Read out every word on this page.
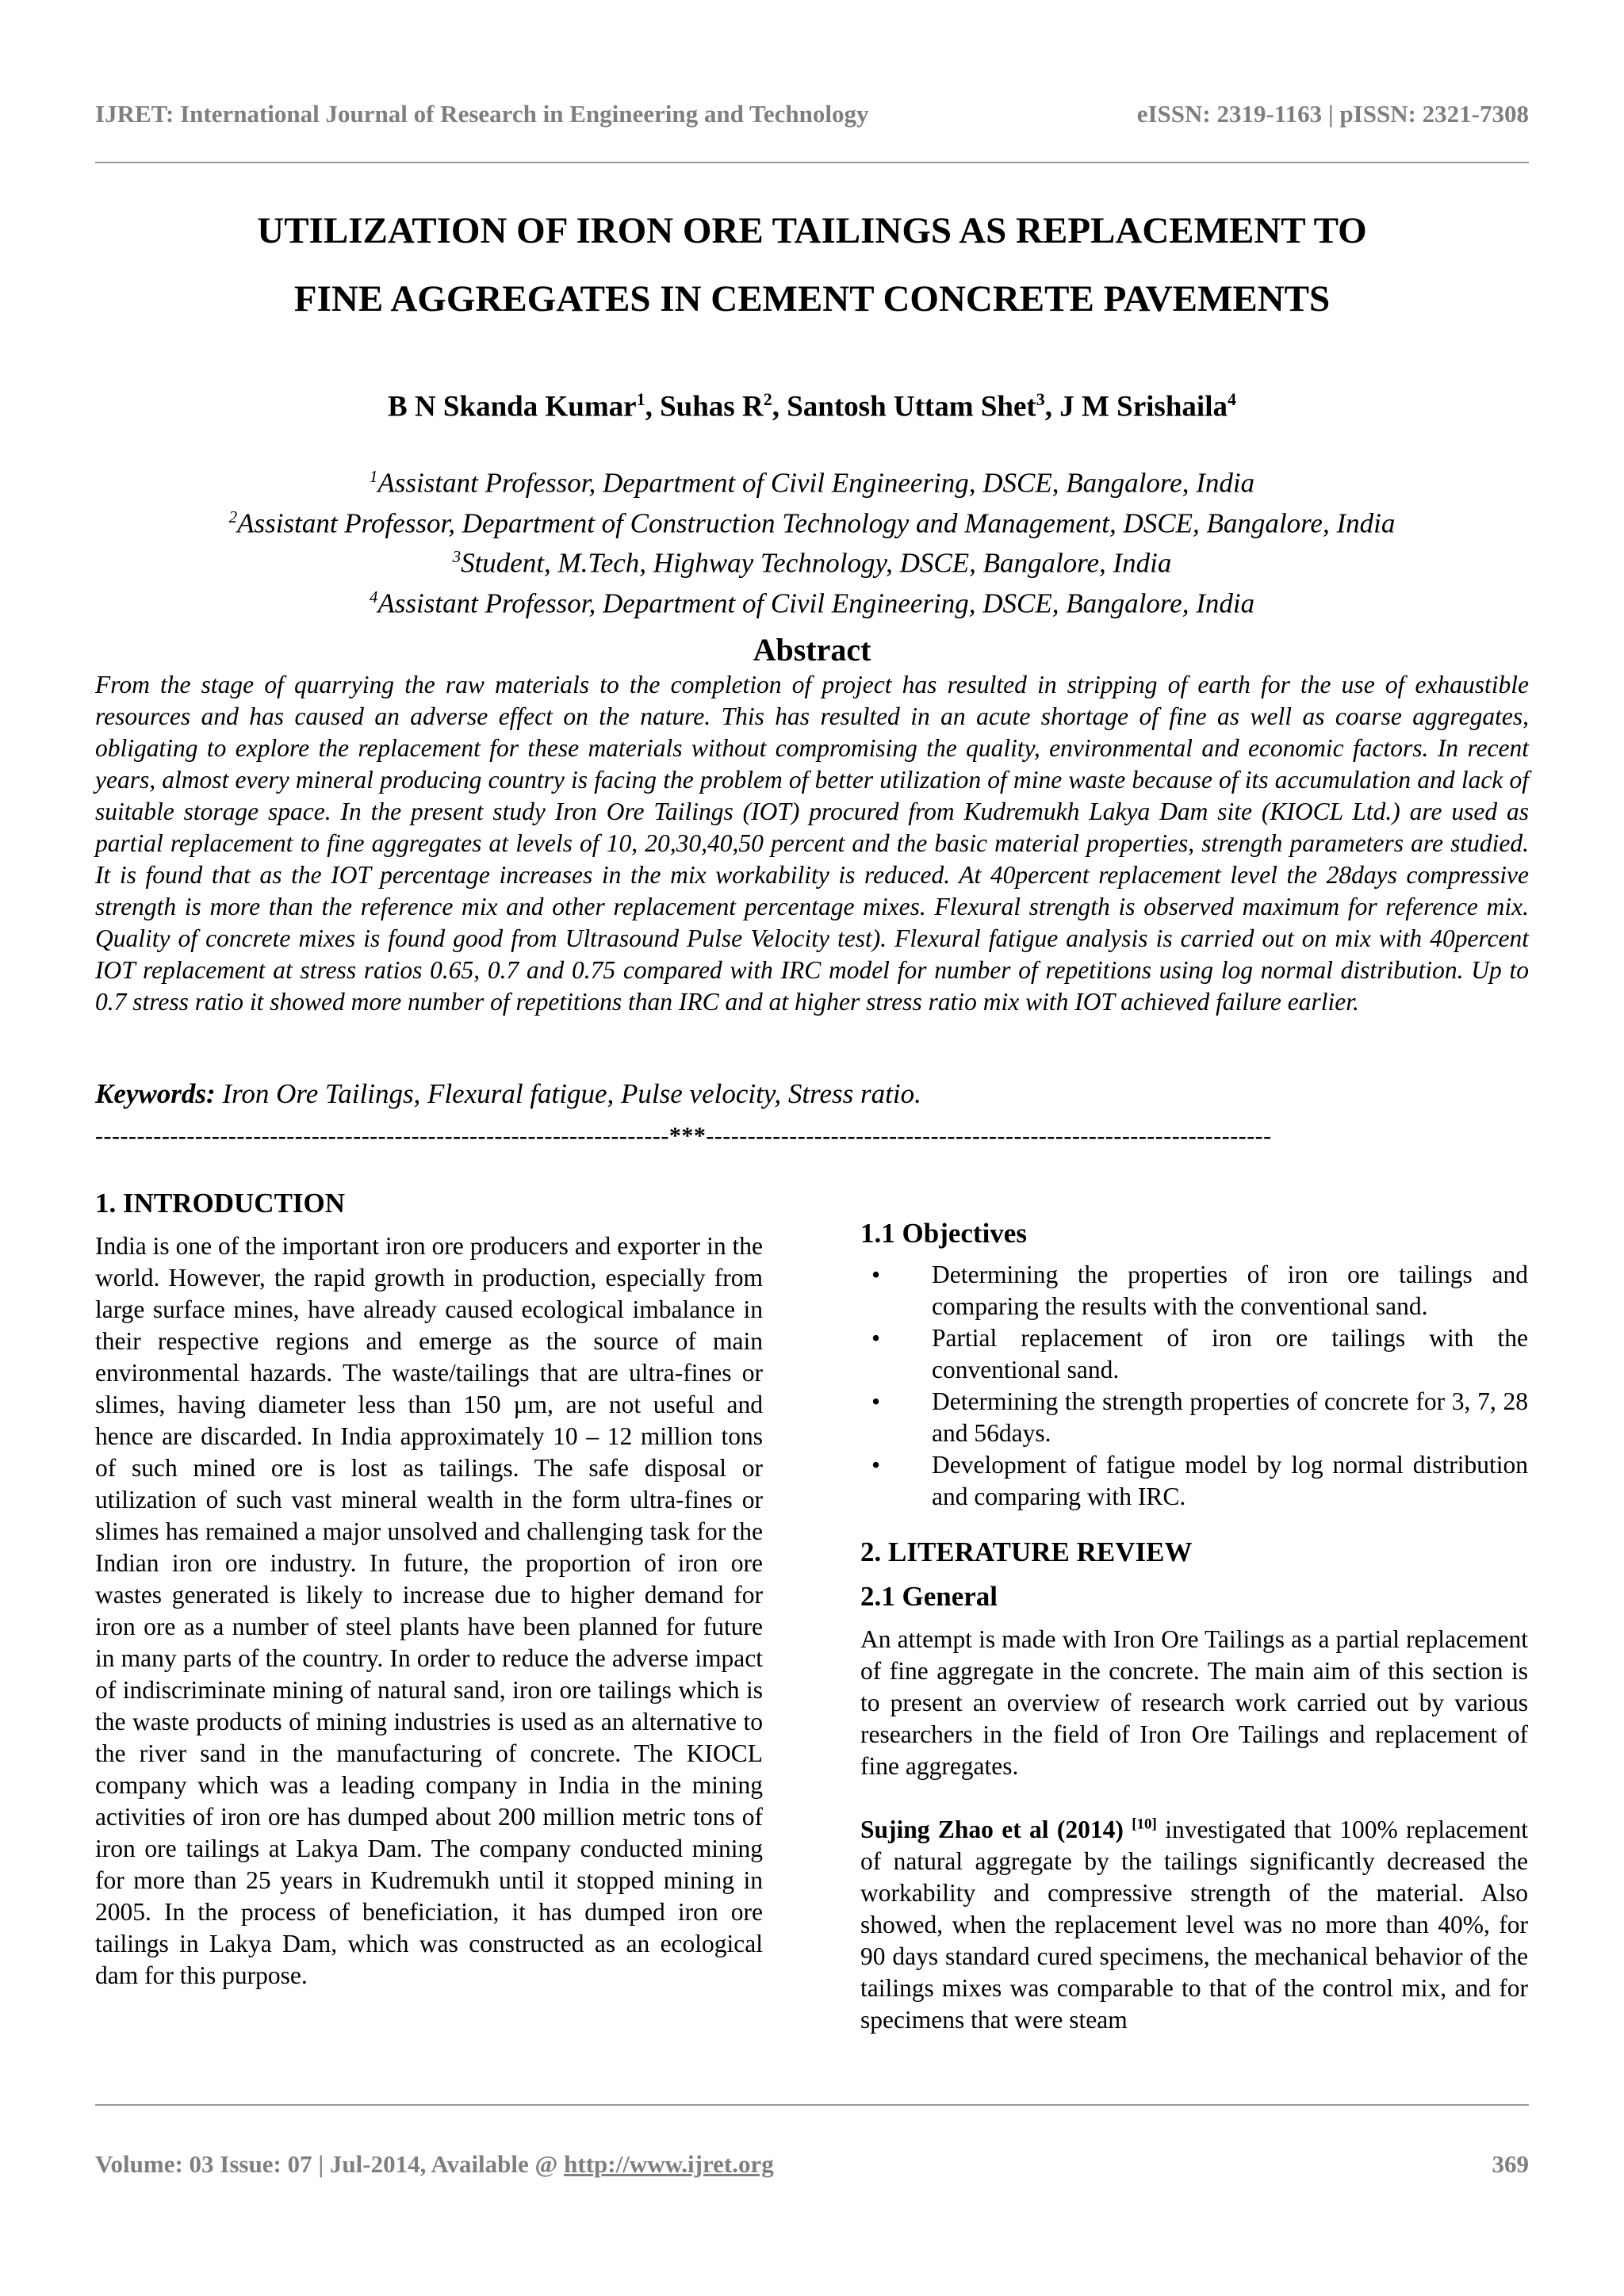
IJRET: International Journal of Research in Engineering and Technology	eISSN: 2319-1163 | pISSN: 2321-7308
UTILIZATION OF IRON ORE TAILINGS AS REPLACEMENT TO
FINE AGGREGATES IN CEMENT CONCRETE PAVEMENTS
B N Skanda Kumar$^1$, Suhas $R^2$, Santosh Uttam Shet$^3$, J M Srishaila$^4$
$^1$Assistant Professor, Department of Civil Engineering, DSCE, Bangalore, India
$^2$Assistant Professor, Department of Construction Technology and Management, DSCE, Bangalore, India
$^3$Student, M.Tech, Highway Technology, DSCE, Bangalore, India
$^4$Assistant Professor, Department of Civil Engineering, DSCE, Bangalore, India
Abstract
From the stage of quarrying the raw materials to the completion of project has resulted in stripping of earth for the use of exhaustible resources and has caused an adverse effect on the nature. This has resulted in an acute shortage of fine as well as coarse aggregates, obligating to explore the replacement for these materials without compromising the quality, environmental and economic factors. In recent years, almost every mineral producing country is facing the problem of better utilization of mine waste because of its accumulation and lack of suitable storage space. In the present study Iron Ore Tailings (IOT) procured from Kudremukh Lakya Dam site (KIOCL Ltd.) are used as partial replacement to fine aggregates at levels of 10, 20,30,40,50 percent and the basic material properties, strength parameters are studied. It is found that as the IOT percentage increases in the mix workability is reduced. At 40percent replacement level the 28days compressive strength is more than the reference mix and other replacement percentage mixes. Flexural strength is observed maximum for reference mix. Quality of concrete mixes is found good from Ultrasound Pulse Velocity test). Flexural fatigue analysis is carried out on mix with 40percent IOT replacement at stress ratios 0.65, 0.7 and 0.75 compared with IRC model for number of repetitions using log normal distribution. Up to 0.7 stress ratio it showed more number of repetitions than IRC and at higher stress ratio mix with IOT achieved failure earlier.
Keywords: Iron Ore Tailings, Flexural fatigue, Pulse velocity, Stress ratio.
---------------------------------------------------------------------***--------------------------------------------------------------------
1. INTRODUCTION
India is one of the important iron ore producers and exporter in the world. However, the rapid growth in production, especially from large surface mines, have already caused ecological imbalance in their respective regions and emerge as the source of main environmental hazards. The waste/tailings that are ultra-fines or slimes, having diameter less than 150 µm, are not useful and hence are discarded. In India approximately 10 – 12 million tons of such mined ore is lost as tailings. The safe disposal or utilization of such vast mineral wealth in the form ultra-fines or slimes has remained a major unsolved and challenging task for the Indian iron ore industry. In future, the proportion of iron ore wastes generated is likely to increase due to higher demand for iron ore as a number of steel plants have been planned for future in many parts of the country. In order to reduce the adverse impact of indiscriminate mining of natural sand, iron ore tailings which is the waste products of mining industries is used as an alternative to the river sand in the manufacturing of concrete. The KIOCL company which was a leading company in India in the mining activities of iron ore has dumped about 200 million metric tons of iron ore tailings at Lakya Dam. The company conducted mining for more than 25 years in Kudremukh until it stopped mining in 2005. In the process of beneficiation, it has dumped iron ore tailings in Lakya Dam, which was constructed as an ecological dam for this purpose.
1.1 Objectives
• Determining the properties of iron ore tailings and comparing the results with the conventional sand.
• Partial replacement of iron ore tailings with the conventional sand.
• Determining the strength properties of concrete for 3, 7, 28 and 56days.
• Development of fatigue model by log normal distribution and comparing with IRC.
2. LITERATURE REVIEW
2.1 General
An attempt is made with Iron Ore Tailings as a partial replacement of fine aggregate in the concrete. The main aim of this section is to present an overview of research work carried out by various researchers in the field of Iron Ore Tailings and replacement of fine aggregates.
Sujing Zhao et al (2014) [10] investigated that 100% replacement of natural aggregate by the tailings significantly decreased the workability and compressive strength of the material. Also showed, when the replacement level was no more than 40%, for 90 days standard cured specimens, the mechanical behavior of the tailings mixes was comparable to that of the control mix, and for specimens that were steam
Volume: 03 Issue: 07 | Jul-2014, Available @ http://www.ijret.org	369
